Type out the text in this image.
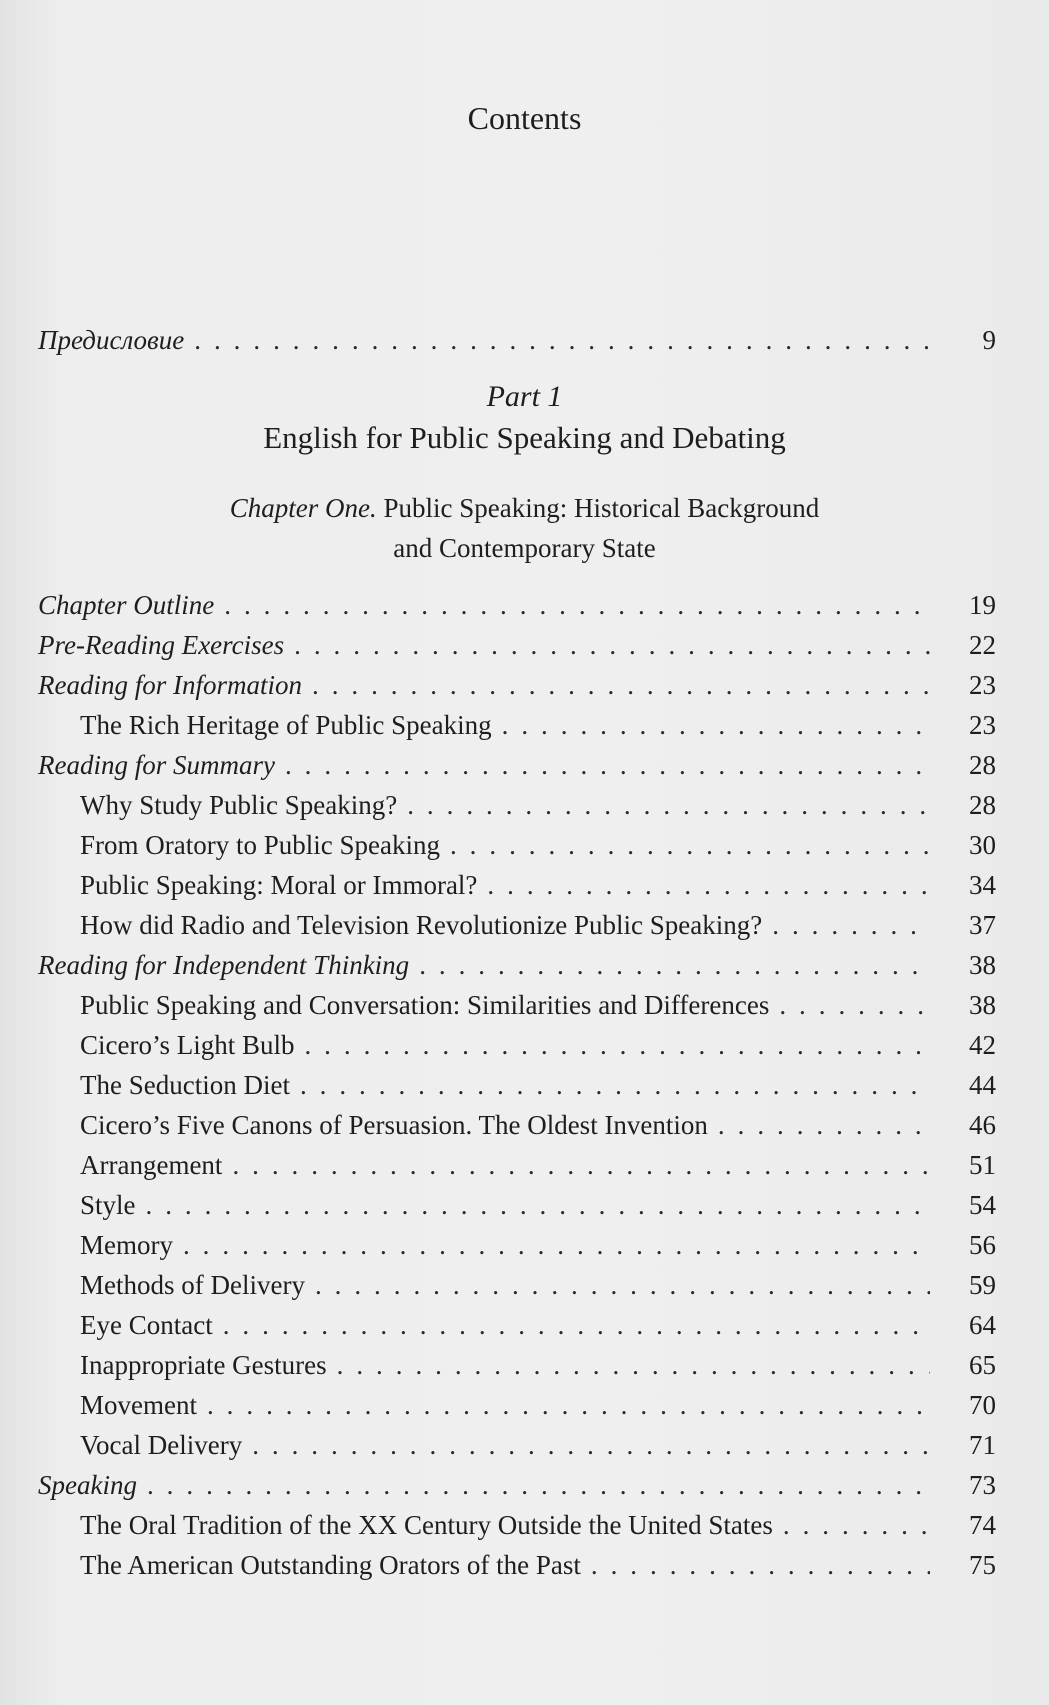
Contents
Предисловие . . .	9
Part 1
English for Public Speaking and Debating
Chapter One. Public Speaking: Historical Background
and Contemporary State
Chapter Outline . . .	19
Pre-Reading Exercises . . .	22
Reading for Information . . .	23
The Rich Heritage of Public Speaking . . .	23
Reading for Summary . . .	28
Why Study Public Speaking? . . .	28
From Oratory to Public Speaking . . .	30
Public Speaking: Moral or Immoral? . . .	34
How did Radio and Television Revolutionize Public Speaking? . . .	37
Reading for Independent Thinking . . .	38
Public Speaking and Conversation: Similarities and Differences . . .	38
Cicero’s Light Bulb . . .	42
The Seduction Diet . . .	44
Cicero’s Five Canons of Persuasion. The Oldest Invention . . .	46
Arrangement . . .	51
Style . . .	54
Memory . . .	56
Methods of Delivery . . .	59
Eye Contact . . .	64
Inappropriate Gestures . . .	65
Movement . . .	70
Vocal Delivery . . .	71
Speaking . . .	73
The Oral Tradition of the XX Century Outside the United States . . .	74
The American Outstanding Orators of the Past . . .	75
